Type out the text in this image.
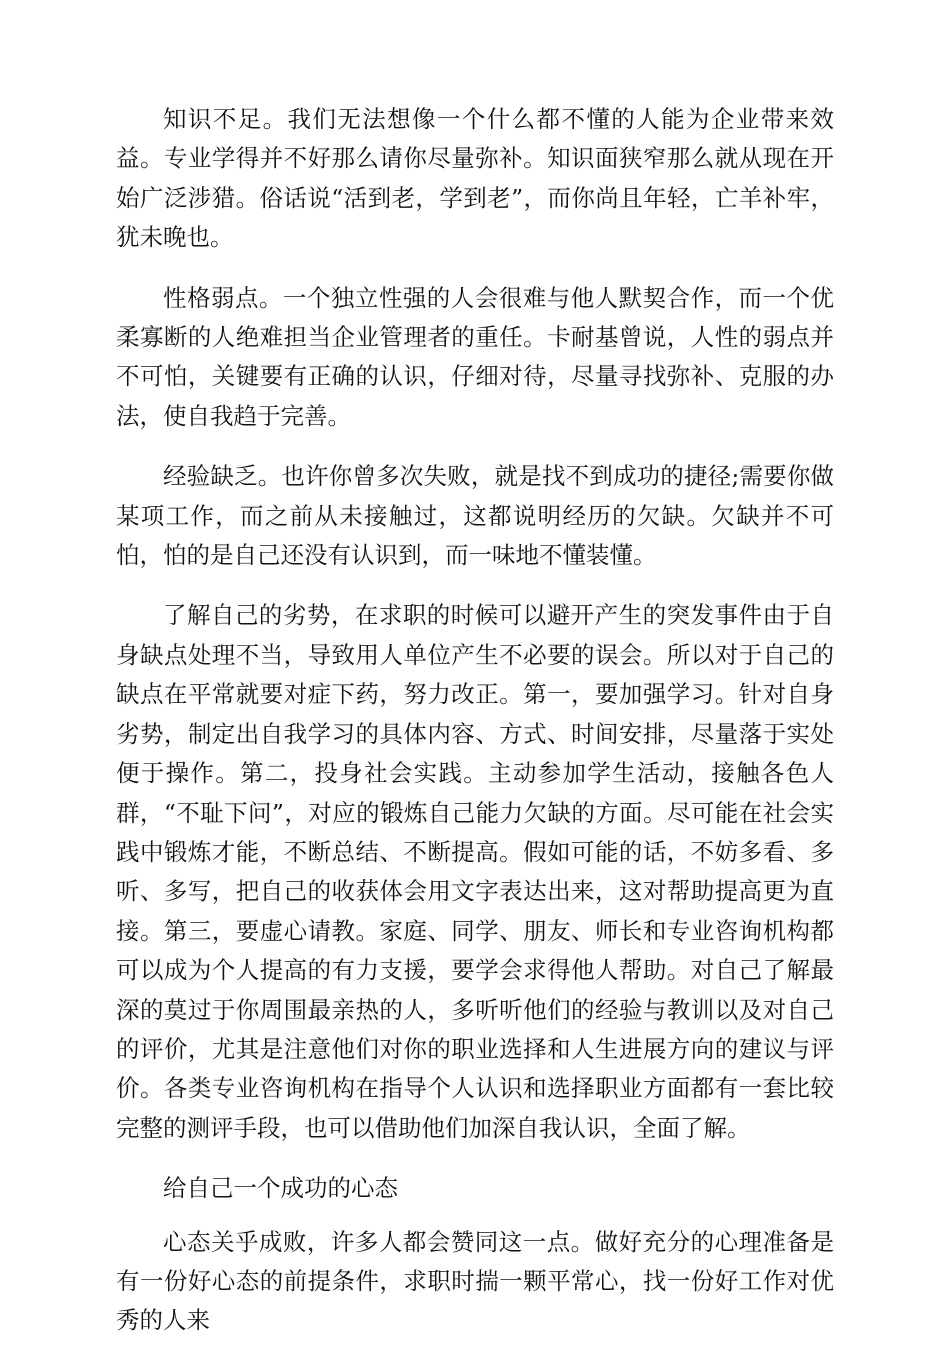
知识不足。我们无法想像一个什么都不懂的人能为企业带来效益。专业学得并不好那么请你尽量弥补。知识面狭窄那么就从现在开始广泛涉猎。俗话说“活到老，学到老”，而你尚且年轻，亡羊补牢，犹未晚也。

性格弱点。一个独立性强的人会很难与他人默契合作，而一个优柔寡断的人绝难担当企业管理者的重任。卡耐基曾说，人性的弱点并不可怕，关键要有正确的认识，仔细对待，尽量寻找弥补、克服的办法，使自我趋于完善。

经验缺乏。也许你曾多次失败，就是找不到成功的捷径;需要你做某项工作，而之前从未接触过，这都说明经历的欠缺。欠缺并不可怕，怕的是自己还没有认识到，而一味地不懂装懂。

了解自己的劣势，在求职的时候可以避开产生的突发事件由于自身缺点处理不当，导致用人单位产生不必要的误会。所以对于自己的缺点在平常就要对症下药，努力改正。第一，要加强学习。针对自身劣势，制定出自我学习的具体内容、方式、时间安排，尽量落于实处便于操作。第二，投身社会实践。主动参加学生活动，接触各色人群，“不耻下问”，对应的锻炼自己能力欠缺的方面。尽可能在社会实践中锻炼才能，不断总结、不断提高。假如可能的话，不妨多看、多听、多写，把自己的收获体会用文字表达出来，这对帮助提高更为直接。第三，要虚心请教。家庭、同学、朋友、师长和专业咨询机构都可以成为个人提高的有力支援，要学会求得他人帮助。对自己了解最深的莫过于你周围最亲热的人，多听听他们的经验与教训以及对自己的评价，尤其是注意他们对你的职业选择和人生进展方向的建议与评价。各类专业咨询机构在指导个人认识和选择职业方面都有一套比较完整的测评手段，也可以借助他们加深自我认识，全面了解。

给自己一个成功的心态

心态关乎成败，许多人都会赞同这一点。做好充分的心理准备是有一份好心态的前提条件，求职时揣一颗平常心，找一份好工作对优秀的人来
